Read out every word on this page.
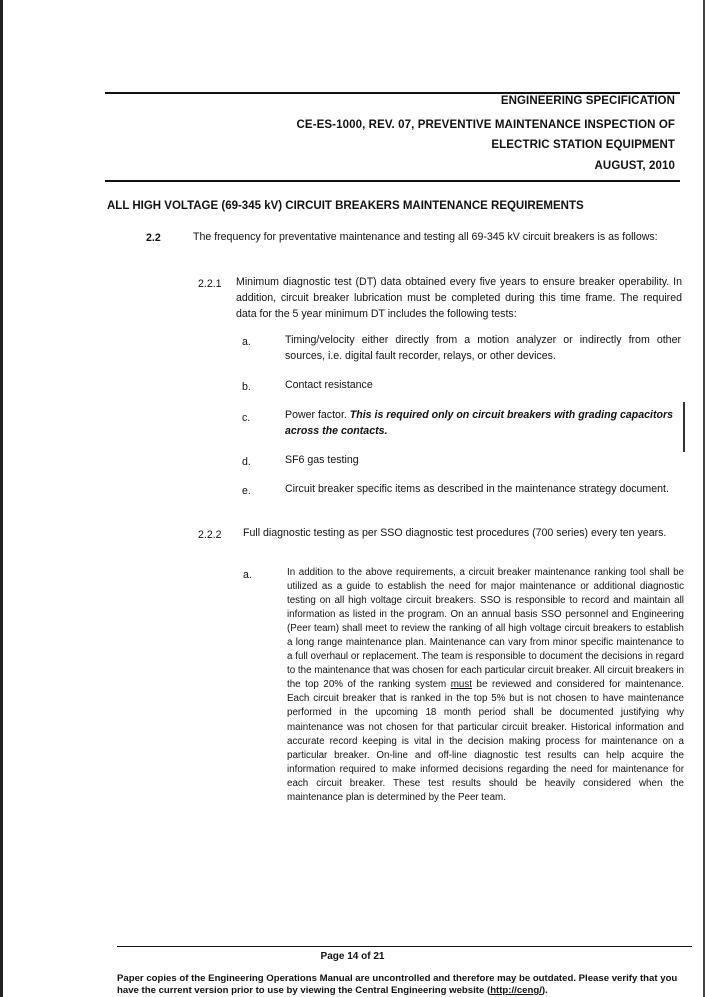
ENGINEERING SPECIFICATION
CE-ES-1000, REV. 07, PREVENTIVE MAINTENANCE INSPECTION OF
ELECTRIC STATION EQUIPMENT
AUGUST, 2010
ALL HIGH VOLTAGE (69-345 kV) CIRCUIT BREAKERS MAINTENANCE REQUIREMENTS
2.2	The frequency for preventative maintenance and testing all 69-345 kV circuit breakers is as follows:
2.2.1 Minimum diagnostic test (DT) data obtained every five years to ensure breaker operability. In addition, circuit breaker lubrication must be completed during this time frame. The required data for the 5 year minimum DT includes the following tests:
a.	Timing/velocity either directly from a motion analyzer or indirectly from other sources, i.e. digital fault recorder, relays, or other devices.
b.	Contact resistance
c.	Power factor. This is required only on circuit breakers with grading capacitors across the contacts.
d.	SF6 gas testing
e.	Circuit breaker specific items as described in the maintenance strategy document.
2.2.2 Full diagnostic testing as per SSO diagnostic test procedures (700 series) every ten years.
a.	In addition to the above requirements, a circuit breaker maintenance ranking tool shall be utilized as a guide to establish the need for major maintenance or additional diagnostic testing on all high voltage circuit breakers. SSO is responsible to record and maintain all information as listed in the program. On an annual basis SSO personnel and Engineering (Peer team) shall meet to review the ranking of all high voltage circuit breakers to establish a long range maintenance plan. Maintenance can vary from minor specific maintenance to a full overhaul or replacement. The team is responsible to document the decisions in regard to the maintenance that was chosen for each particular circuit breaker. All circuit breakers in the top 20% of the ranking system must be reviewed and considered for maintenance. Each circuit breaker that is ranked in the top 5% but is not chosen to have maintenance performed in the upcoming 18 month period shall be documented justifying why maintenance was not chosen for that particular circuit breaker. Historical information and accurate record keeping is vital in the decision making process for maintenance on a particular breaker. On-line and off-line diagnostic test results can help acquire the information required to make informed decisions regarding the need for maintenance for each circuit breaker. These test results should be heavily considered when the maintenance plan is determined by the Peer team.
Page 14 of 21
Paper copies of the Engineering Operations Manual are uncontrolled and therefore may be outdated. Please verify that you have the current version prior to use by viewing the Central Engineering website (http://ceng/).
